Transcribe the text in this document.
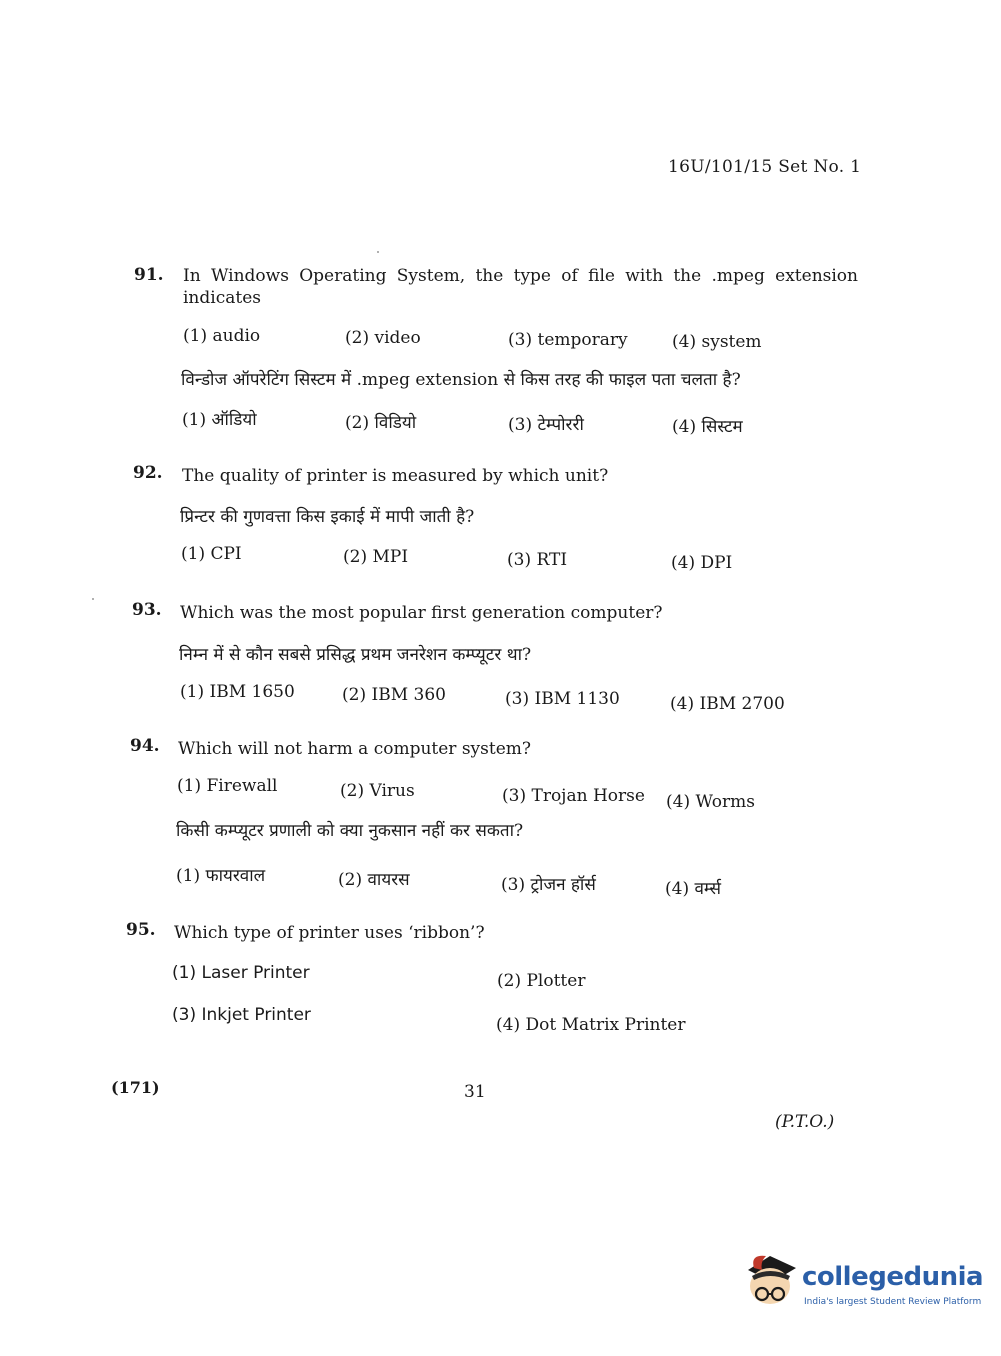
16U/101/15 Set No. 1
91. In Windows Operating System, the type of file with the .mpeg extension indicates
(1) audio	(2) video	(3) temporary	(4) system
विन्डोज ऑपरेटिंग सिस्टम में .mpeg extension से किस तरह की फाइल पता चलता है?
(1) ऑडियो	(2) विडियो	(3) टेम्पोररी	(4) सिस्टम
92. The quality of printer is measured by which unit?
प्रिन्टर की गुणवत्ता किस इकाई में मापी जाती है?
(1) CPI	(2) MPI	(3) RTI	(4) DPI
93. Which was the most popular first generation computer?
निम्न में से कौन सबसे प्रसिद्ध प्रथम जनरेशन कम्प्यूटर था?
(1) IBM 1650	(2) IBM 360	(3) IBM 1130	(4) IBM 2700
94. Which will not harm a computer system?
(1) Firewall	(2) Virus	(3) Trojan Horse (4) Worms
किसी कम्प्यूटर प्रणाली को क्या नुकसान नहीं कर सकता?
(1) फायरवाल	(2) वायरस	(3) ट्रोजन हॉर्स	(4) वर्म्स
95. Which type of printer uses ‘ribbon’?
(1) Laser Printer	(2) Plotter
(3) Inkjet Printer	(4) Dot Matrix Printer
(171)	31
(P.T.O.)
collegedunia
India's largest Student Review Platform
